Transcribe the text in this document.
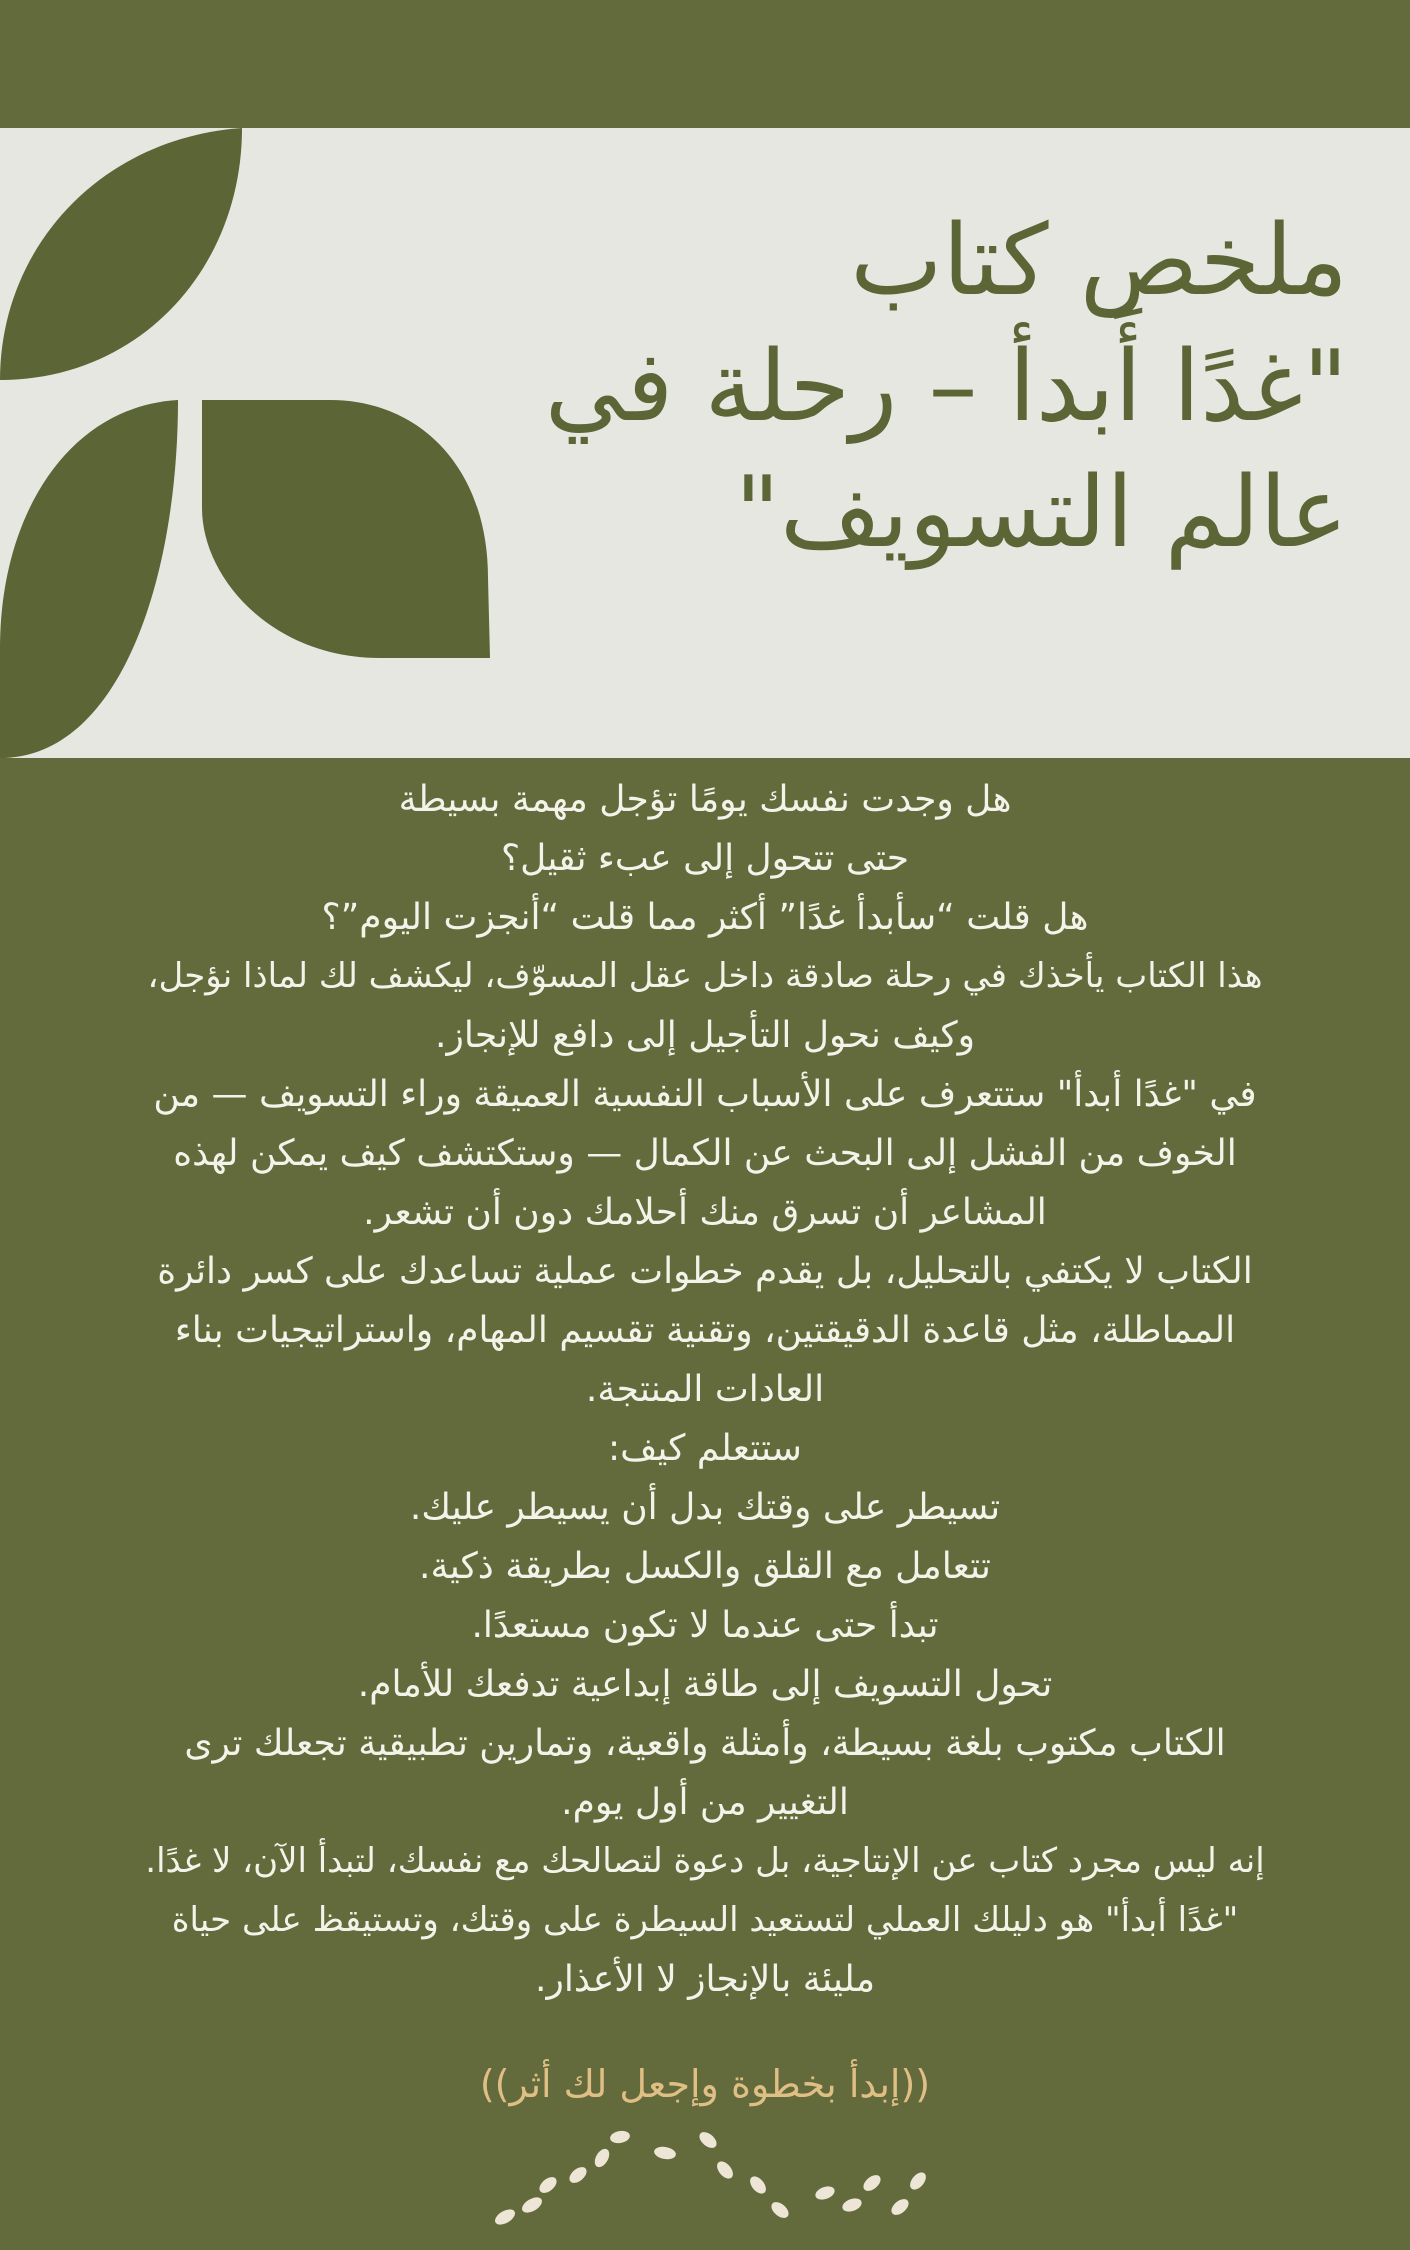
ملخص كتاب
"غدًا أَبدأ – رحلة في
عالم التسويف"
هل وجدت نفسك يومًا تؤجل مهمة بسيطة
حتى تتحول إلى عبء ثقيل؟
هل قلت “سأبدأ غدًا” أكثر مما قلت “أنجزت اليوم”؟
هذا الكتاب يأخذك في رحلة صادقة داخل عقل المسوّف، ليكشف لك لماذا نؤجل،
وكيف نحول التأجيل إلى دافع للإنجاز.
في "غدًا أبدأ" ستتعرف على الأسباب النفسية العميقة وراء التسويف — من
الخوف من الفشل إلى البحث عن الكمال — وستكتشف كيف يمكن لهذه
المشاعر أن تسرق منك أحلامك دون أن تشعر.
الكتاب لا يكتفي بالتحليل، بل يقدم خطوات عملية تساعدك على كسر دائرة
المماطلة، مثل قاعدة الدقيقتين، وتقنية تقسيم المهام، واستراتيجيات بناء
العادات المنتجة.
ستتعلم كيف:
تسيطر على وقتك بدل أن يسيطر عليك.
تتعامل مع القلق والكسل بطريقة ذكية.
تبدأ حتى عندما لا تكون مستعدًا.
تحول التسويف إلى طاقة إبداعية تدفعك للأمام.
الكتاب مكتوب بلغة بسيطة، وأمثلة واقعية، وتمارين تطبيقية تجعلك ترى
التغيير من أول يوم.
إنه ليس مجرد كتاب عن الإنتاجية، بل دعوة لتصالحك مع نفسك، لتبدأ الآن، لا غدًا.
"غدًا أبدأ" هو دليلك العملي لتستعيد السيطرة على وقتك، وتستيقظ على حياة
مليئة بالإنجاز لا الأعذار.
((إبدأ بخطوة وإجعل لك أثر))
